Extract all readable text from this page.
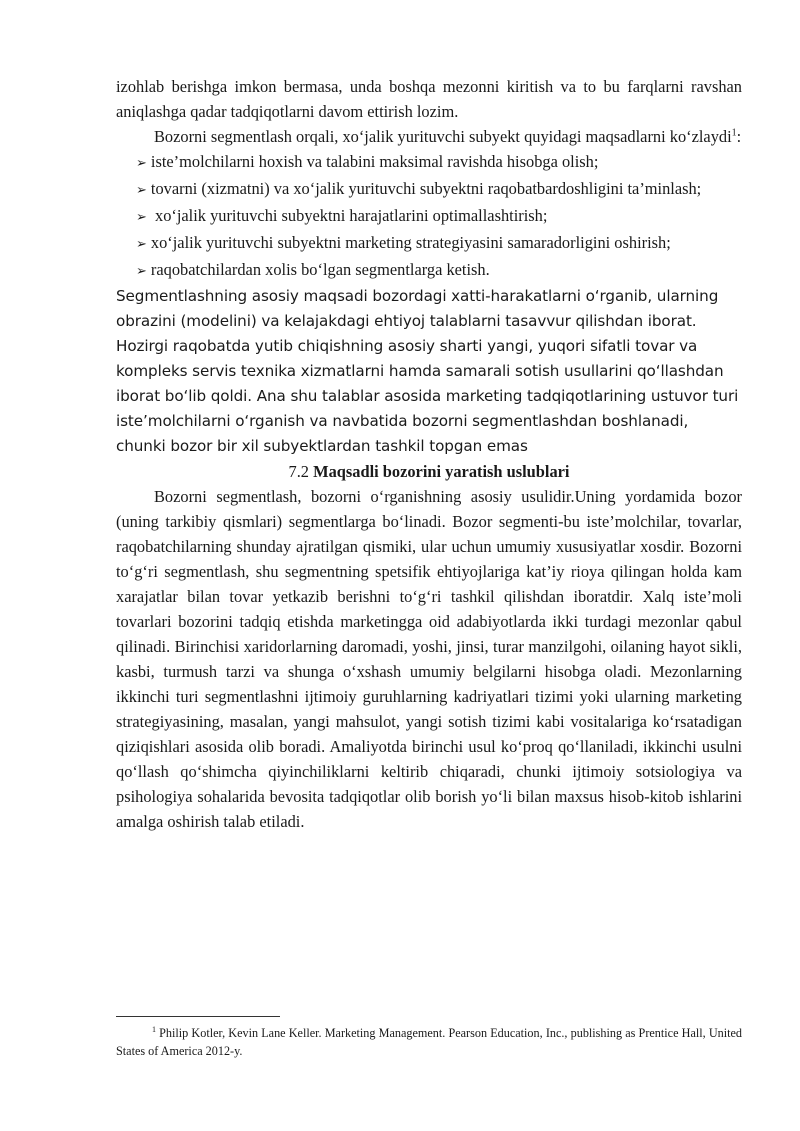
izohlab berishga imkon bermasa, unda boshqa mezonni kiritish va to bu farqlarni ravshan aniqlashga qadar tadqiqotlarni davom ettirish lozim.

Bozorni segmentlash orqali, xo‘jalik yurituvchi subyekt quyidagi maqsadlarni ko‘zlaydi$^1$:

➢ iste’molchilarni hoxish va talabini maksimal ravishda hisobga olish;

➢ tovarni (xizmatni) va xo‘jalik yurituvchi subyektni raqobatbardoshligini ta’minlash;

➢ xo‘jalik yurituvchi subyektni harajatlarini optimallashtirish;

➢ xo‘jalik yurituvchi subyektni marketing strategiyasini samaradorligini oshirish;

➢ raqobatchilardan xolis bo‘lgan segmentlarga ketish.

Segmentlashning asosiy maqsadi bozordagi xatti-harakatlarni o‘rganib, ularning
obrazini (modelini) va kelajakdagi ehtiyoj talablarni tasavvur qilishdan iborat.
Hozirgi raqobatda yutib chiqishning asosiy sharti yangi, yuqori sifatli tovar va
kompleks servis texnika xizmatlarni hamda samarali sotish usullarini qo‘llashdan
iborat bo‘lib qoldi. Ana shu talablar asosida marketing tadqiqotlarining ustuvor turi
iste’molchilarni o‘rganish va navbatida bozorni segmentlashdan boshlanadi,
chunki bozor bir xil subyektlardan tashkil topgan emas

7.2 Maqsadli bozorini yaratish uslublari

Bozorni segmentlash, bozorni o‘rganishning asosiy usulidir.Uning yordamida bozor (uning tarkibiy qismlari) segmentlarga bo‘linadi. Bozor segmenti-bu iste’molchilar, tovarlar, raqobatchilarning shunday ajratilgan qismiki, ular uchun umumiy xususiyatlar xosdir. Bozorni to‘g‘ri segmentlash, shu segmentning spetsifik ehtiyojlariga kat’iy rioya qilingan holda kam xarajatlar bilan tovar yetkazib berishni to‘g‘ri tashkil qilishdan iboratdir. Xalq iste’moli tovarlari bozorini tadqiq etishda marketingga oid adabiyotlarda ikki turdagi mezonlar qabul qilinadi. Birinchisi xaridorlarning daromadi, yoshi, jinsi, turar manzilgohi, oilaning hayot sikli, kasbi, turmush tarzi va shunga o‘xshash umumiy belgilarni hisobga oladi. Mezonlarning ikkinchi turi segmentlashni ijtimoiy guruhlarning kadriyatlari tizimi yoki ularning marketing strategiyasining, masalan, yangi mahsulot, yangi sotish tizimi kabi vositalariga ko‘rsatadigan qiziqishlari asosida olib boradi. Amaliyotda birinchi usul ko‘proq qo‘llaniladi, ikkinchi usulni qo‘llash qo‘shimcha qiyinchiliklarni keltirib chiqaradi, chunki ijtimoiy sotsiologiya va psihologiya sohalarida bevosita tadqiqotlar olib borish yo‘li bilan maxsus hisob-kitob ishlarini amalga oshirish talab etiladi.

$^1$ Philip Kotler, Kevin Lane Keller. Marketing Management. Pearson Education, Inc., publishing as Prentice Hall, United States of America 2012-y.
